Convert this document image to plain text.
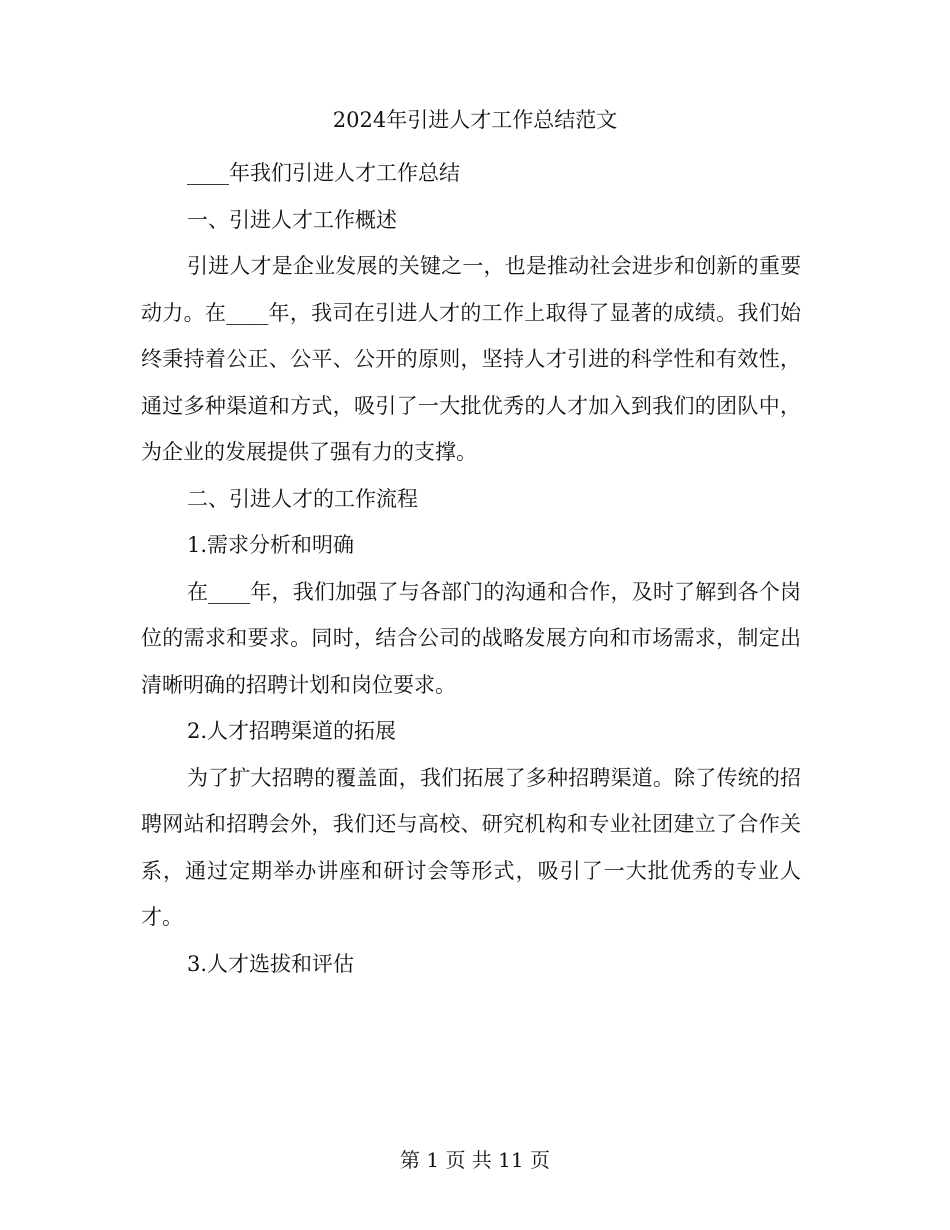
2024年引进人才工作总结范文

____年我们引进人才工作总结

一、引进人才工作概述

引进人才是企业发展的关键之一，也是推动社会进步和创新的重要动力。在____年，我司在引进人才的工作上取得了显著的成绩。我们始终秉持着公正、公平、公开的原则，坚持人才引进的科学性和有效性，通过多种渠道和方式，吸引了一大批优秀的人才加入到我们的团队中，为企业的发展提供了强有力的支撑。

二、引进人才的工作流程

1.需求分析和明确

在____年，我们加强了与各部门的沟通和合作，及时了解到各个岗位的需求和要求。同时，结合公司的战略发展方向和市场需求，制定出清晰明确的招聘计划和岗位要求。

2.人才招聘渠道的拓展

为了扩大招聘的覆盖面，我们拓展了多种招聘渠道。除了传统的招聘网站和招聘会外，我们还与高校、研究机构和专业社团建立了合作关系，通过定期举办讲座和研讨会等形式，吸引了一大批优秀的专业人才。

3.人才选拔和评估

第 1 页 共 11 页
